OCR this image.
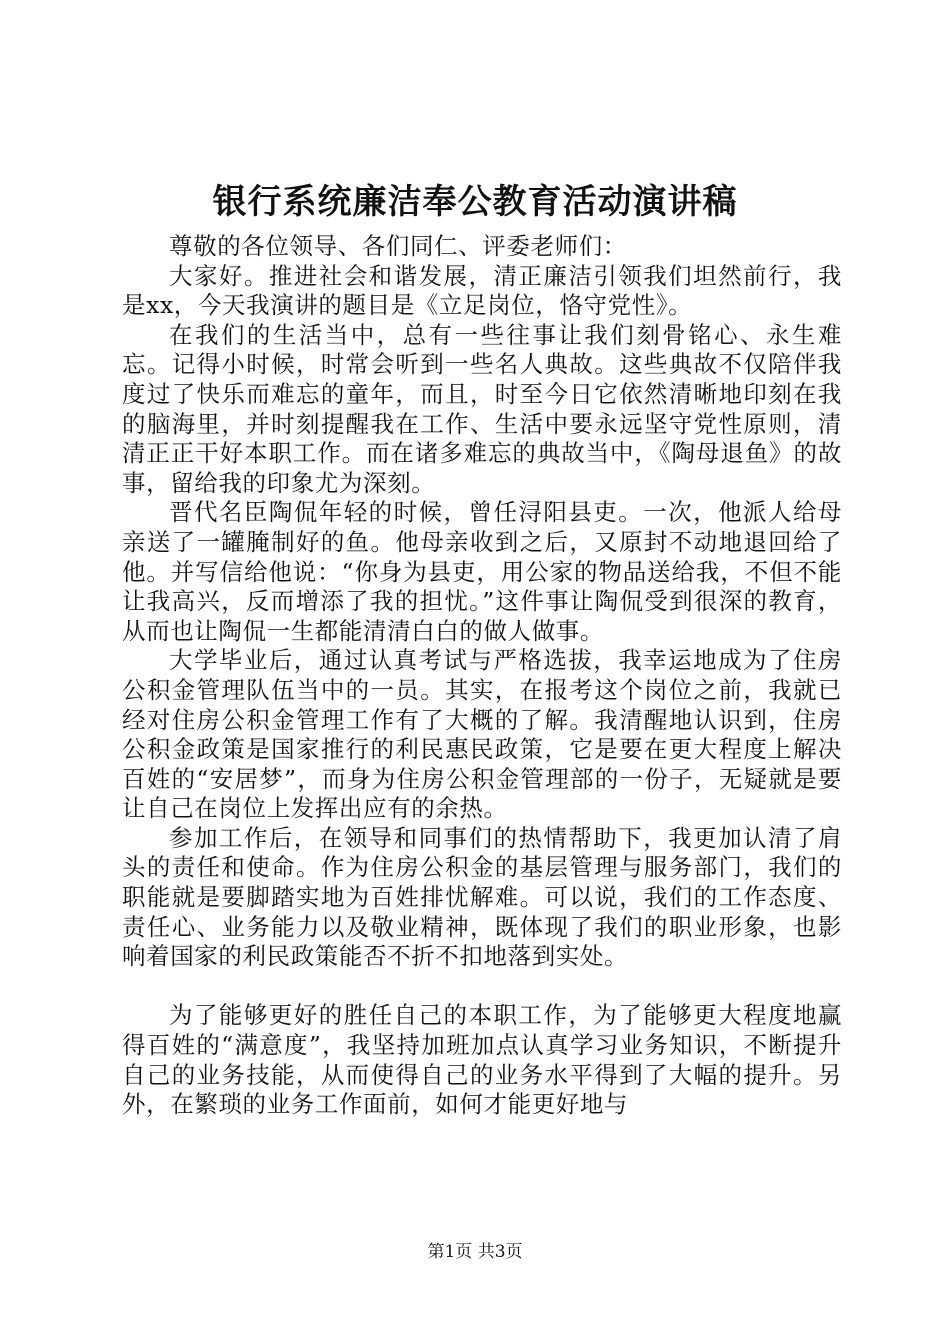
银行系统廉洁奉公教育活动演讲稿

尊敬的各位领导、各们同仁、评委老师们：

大家好。推进社会和谐发展，清正廉洁引领我们坦然前行，我是xx，今天我演讲的题目是《立足岗位，恪守党性》。

在我们的生活当中，总有一些往事让我们刻骨铭心、永生难忘。记得小时候，时常会听到一些名人典故。这些典故不仅陪伴我度过了快乐而难忘的童年，而且，时至今日它依然清晰地印刻在我的脑海里，并时刻提醒我在工作、生活中要永远坚守党性原则，清清正正干好本职工作。而在诸多难忘的典故当中，《陶母退鱼》的故事，留给我的印象尤为深刻。

晋代名臣陶侃年轻的时候，曾任浔阳县吏。一次，他派人给母亲送了一罐腌制好的鱼。他母亲收到之后，又原封不动地退回给了他。并写信给他说：“你身为县吏，用公家的物品送给我，不但不能让我高兴，反而增添了我的担忧。”这件事让陶侃受到很深的教育，从而也让陶侃一生都能清清白白的做人做事。

大学毕业后，通过认真考试与严格选拔，我幸运地成为了住房公积金管理队伍当中的一员。其实，在报考这个岗位之前，我就已经对住房公积金管理工作有了大概的了解。我清醒地认识到，住房公积金政策是国家推行的利民惠民政策，它是要在更大程度上解决百姓的“安居梦”，而身为住房公积金管理部的一份子，无疑就是要让自己在岗位上发挥出应有的余热。

参加工作后，在领导和同事们的热情帮助下，我更加认清了肩头的责任和使命。作为住房公积金的基层管理与服务部门，我们的职能就是要脚踏实地为百姓排忧解难。可以说，我们的工作态度、责任心、业务能力以及敬业精神，既体现了我们的职业形象，也影响着国家的利民政策能否不折不扣地落到实处。

为了能够更好的胜任自己的本职工作，为了能够更大程度地赢得百姓的“满意度”，我坚持加班加点认真学习业务知识，不断提升自己的业务技能，从而使得自己的业务水平得到了大幅的提升。另外，在繁琐的业务工作面前，如何才能更好地与

第1页 共3页
